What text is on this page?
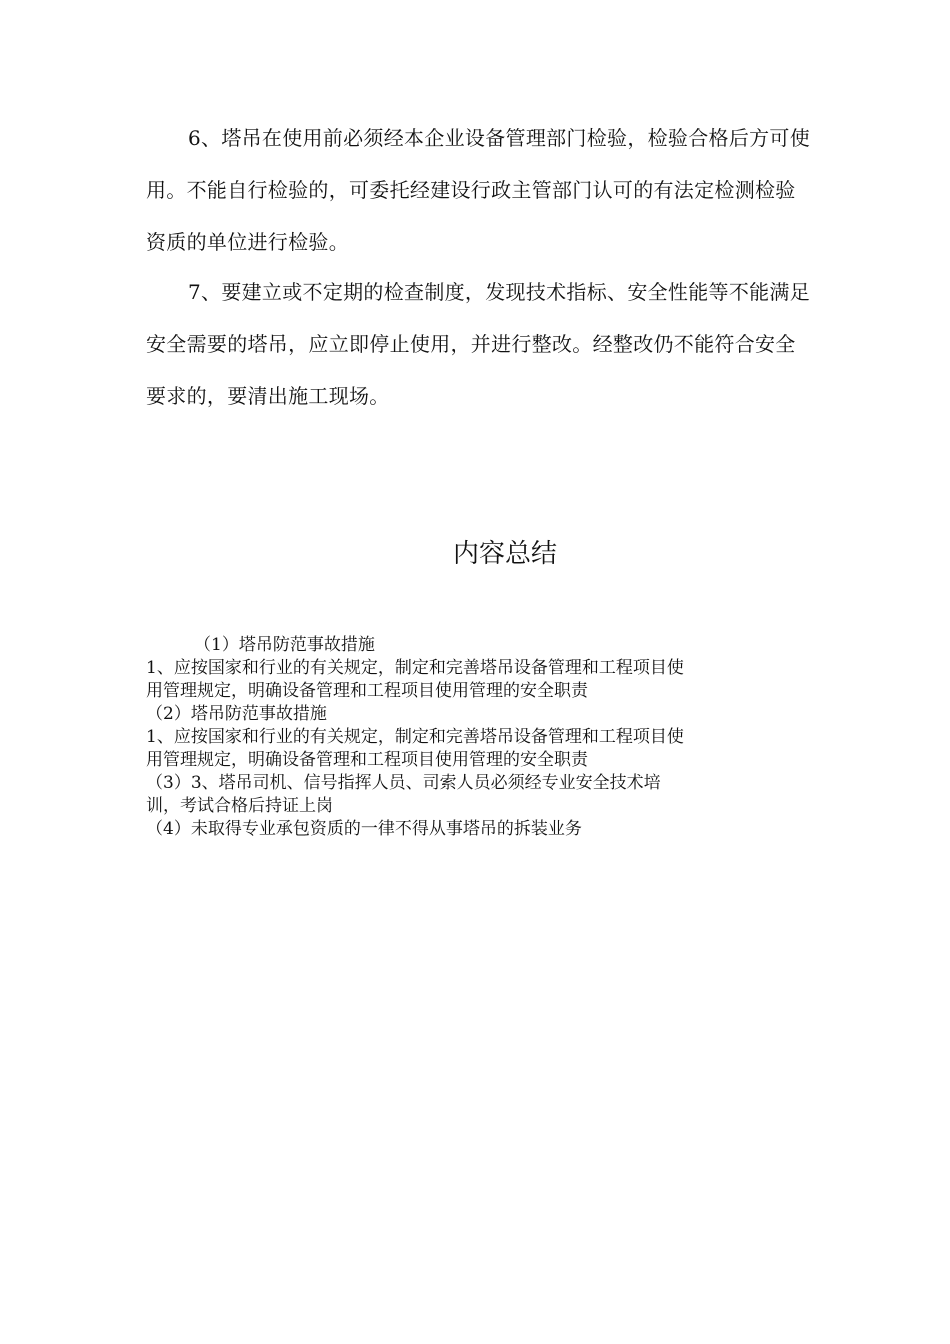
6、塔吊在使用前必须经本企业设备管理部门检验，检验合格后方可使用。不能自行检验的，可委托经建设行政主管部门认可的有法定检测检验资质的单位进行检验。

7、要建立或不定期的检查制度，发现技术指标、安全性能等不能满足安全需要的塔吊，应立即停止使用，并进行整改。经整改仍不能符合安全要求的，要清出施工现场。

内容总结
（1）塔吊防范事故措施
1、应按国家和行业的有关规定，制定和完善塔吊设备管理和工程项目使
用管理规定，明确设备管理和工程项目使用管理的安全职责
（2）塔吊防范事故措施
1、应按国家和行业的有关规定，制定和完善塔吊设备管理和工程项目使
用管理规定，明确设备管理和工程项目使用管理的安全职责
（3）3、塔吊司机、信号指挥人员、司索人员必须经专业安全技术培
训，考试合格后持证上岗
（4）未取得专业承包资质的一律不得从事塔吊的拆装业务
